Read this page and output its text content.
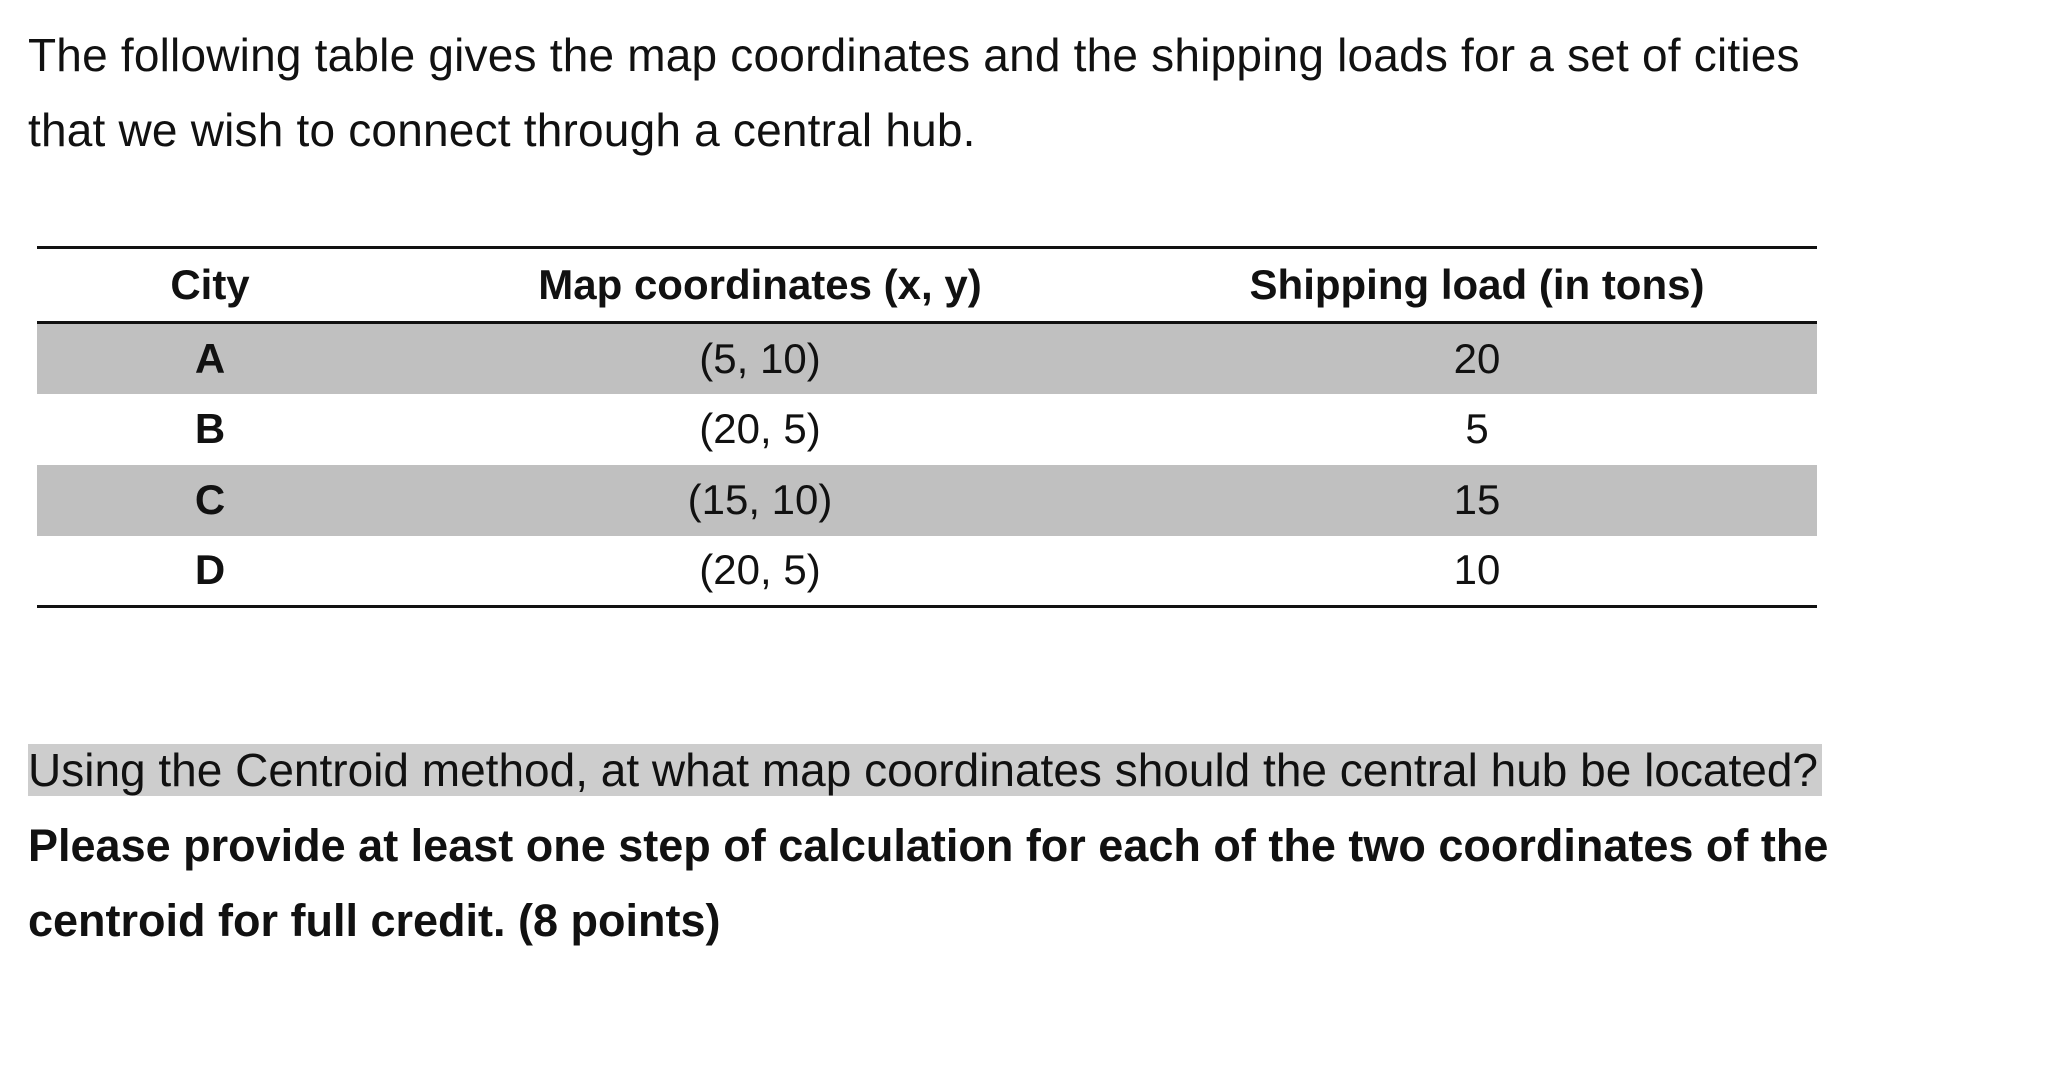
The following table gives the map coordinates and the shipping loads for a set of cities
that we wish to connect through a central hub.

City	Map coordinates (x, y)	Shipping load (in tons)
A	(5, 10)	20
B	(20, 5)	5
C	(15, 10)	15
D	(20, 5)	10

Using the Centroid method, at what map coordinates should the central hub be located?

Please provide at least one step of calculation for each of the two coordinates of the
centroid for full credit. (8 points)
